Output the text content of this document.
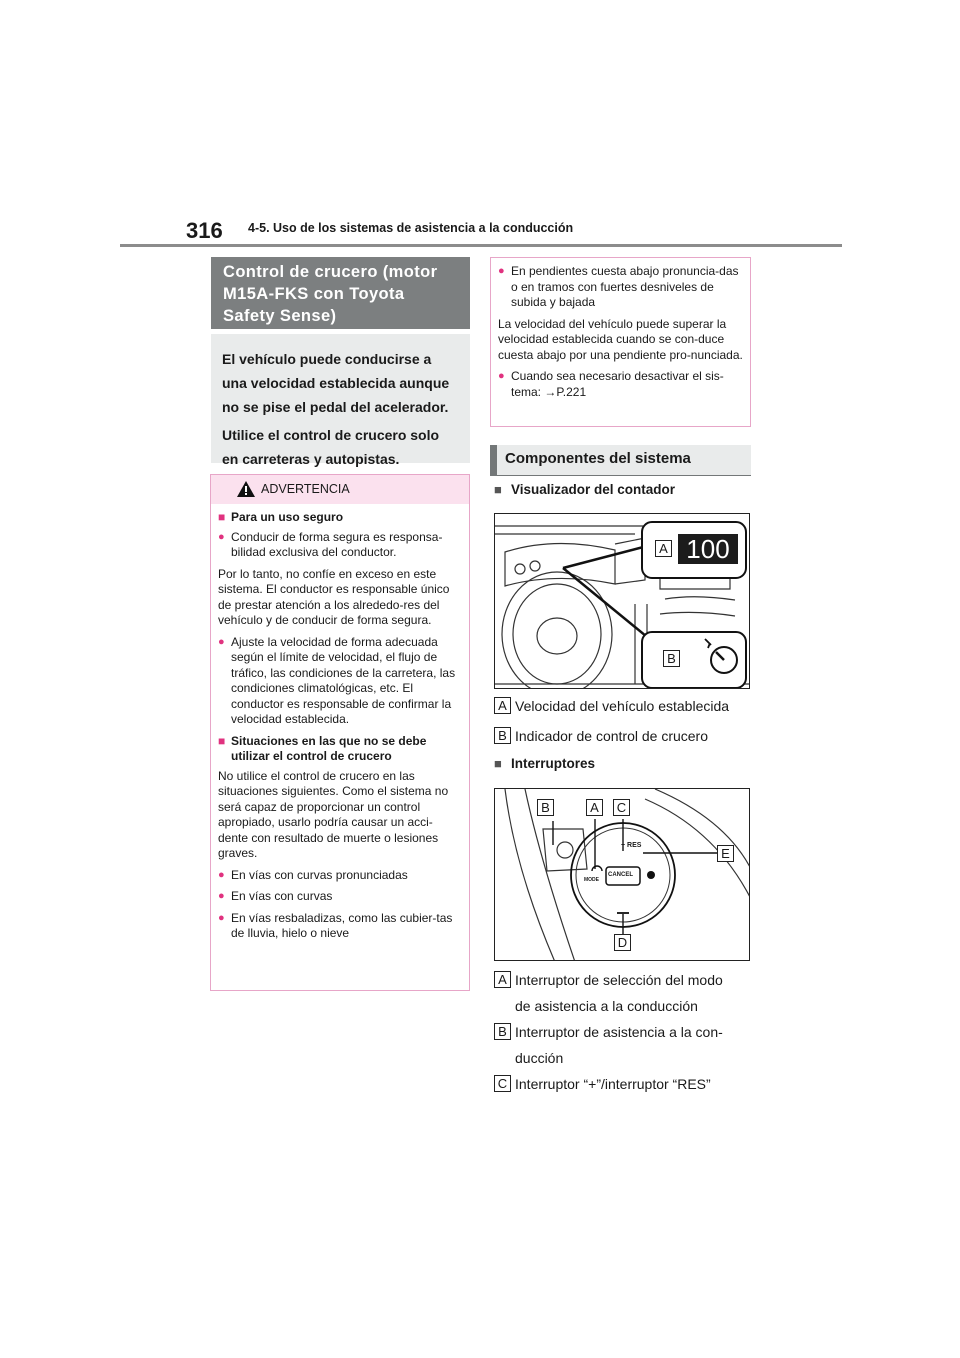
316 4-5. Uso de los sistemas de asistencia a la conducción
Control de crucero (motor
M15A-FKS con Toyota
Safety Sense)

El vehículo puede conducirse a

una velocidad establecida aunque

no se pise el pedal del acelerador.

Utilice el control de crucero solo

en carreteras y autopistas.

ADVERTENCIA
■ Para un uso seguro
● Conducir de forma segura es responsa-bilidad exclusiva del conductor.
Por lo tanto, no confíe en exceso en este sistema. El conductor es responsable único de prestar atención a los alrededo-res del vehículo y de conducir de forma segura.
● Ajuste la velocidad de forma adecuada según el límite de velocidad, el flujo de tráfico, las condiciones de la carretera, las condiciones climatológicas, etc. El conductor es responsable de confirmar la velocidad establecida.
■ Situaciones en las que no se debe utilizar el control de crucero
No utilice el control de crucero en las situaciones siguientes. Como el sistema no será capaz de proporcionar un control apropiado, usarlo podría causar un acci-dente con resultado de muerte o lesiones graves.
● En vías con curvas pronunciadas
● En vías con curvas
● En vías resbaladizas, como las cubier-tas de lluvia, hielo o nieve
● En pendientes cuesta abajo pronuncia-das o en tramos con fuertes desniveles de subida y bajada
La velocidad del vehículo puede superar la velocidad establecida cuando se con-duce cuesta abajo por una pendiente pro-nunciada.
● Cuando sea necesario desactivar el sis-tema: →P.221
Componentes del sistema
■ Visualizador del contador
A 100
B
A Velocidad del vehículo establecida
B Indicador de control de crucero
■ Interruptores
B	A	C
E
D
+ RES
MODE
CANCEL
A Interruptor de selección del modo
de asistencia a la conducción
B Interruptor de asistencia a la con-
ducción
C Interruptor “+”/interruptor “RES”
